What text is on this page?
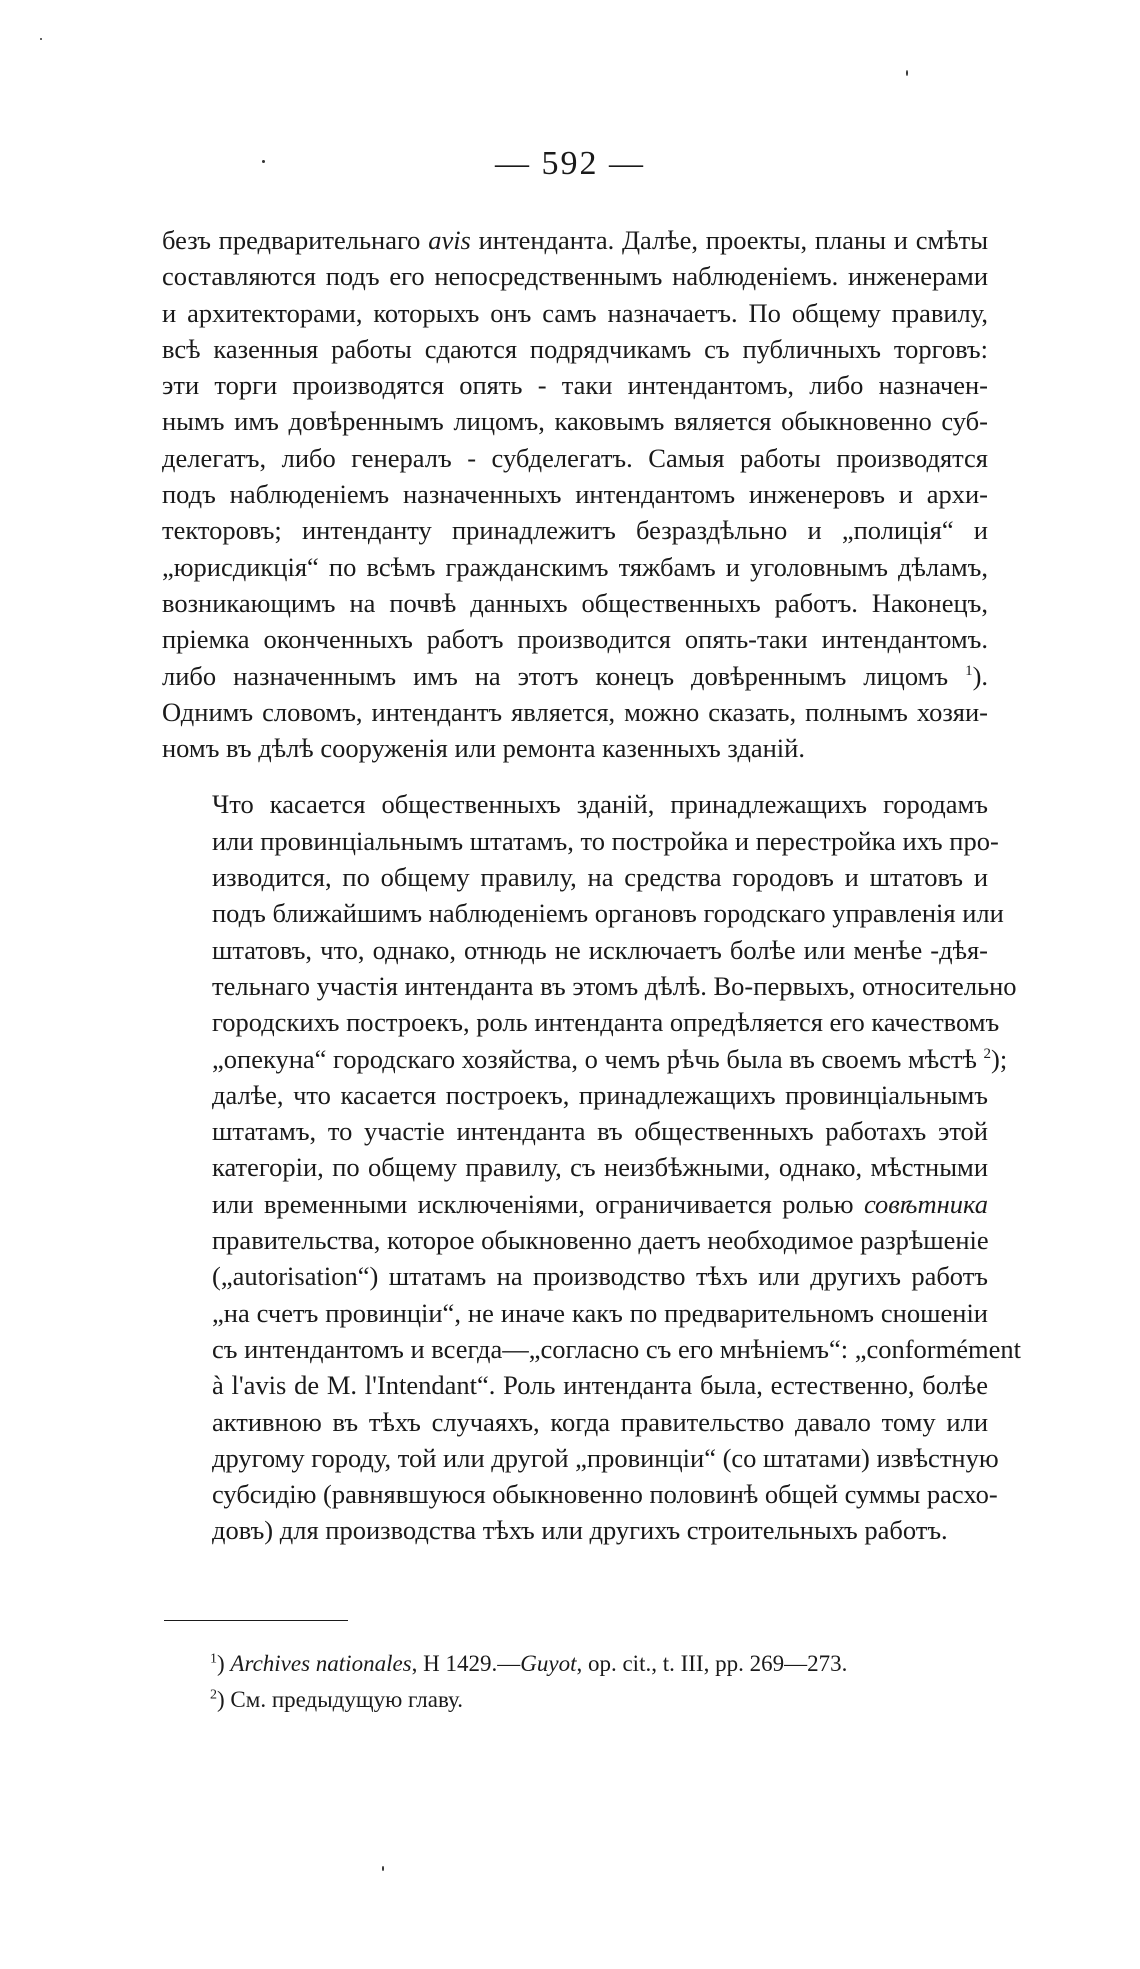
— 592 —

безъ предварительнаго avis интенданта. Далѣе, проекты, планы и смѣты
составляются подъ его непосредственнымъ наблюденіемъ. инженерами
и архитекторами, которыхъ онъ самъ назначаетъ. По общему правилу,
всѣ казенныя работы сдаются подрядчикамъ съ публичныхъ торговъ:
эти торги производятся опять - таки интендантомъ, либо назначен-
нымъ имъ довѣреннымъ лицомъ, каковымъ вяляется обыкновенно суб-
делегатъ, либо генералъ - субделегатъ. Самыя работы производятся
подъ наблюденіемъ назначенныхъ интендантомъ инженеровъ и архи-
текторовъ; интенданту принадлежитъ безраздѣльно и „полиція“ и
„юрисдикція“ по всѣмъ гражданскимъ тяжбамъ и уголовнымъ дѣламъ,
возникающимъ на почвѣ данныхъ общественныхъ работъ. Наконецъ,
пріемка оконченныхъ работъ производится опять-таки интендантомъ.
либо назначеннымъ имъ на этотъ конецъ довѣреннымъ лицомъ $^1$).
Однимъ словомъ, интендантъ является, можно сказать, полнымъ хозяи-
номъ въ дѣлѣ сооруженія или ремонта казенныхъ зданій.

Что касается общественныхъ зданій, принадлежащихъ городамъ
или провинціальнымъ штатамъ, то постройка и перестройка ихъ про-
изводится, по общему правилу, на средства городовъ и штатовъ и
подъ ближайшимъ наблюденіемъ органовъ городскаго управленія или
штатовъ, что, однако, отнюдь не исключаетъ болѣе или менѣе -дѣя-
тельнаго участія интенданта въ этомъ дѣлѣ. Во-первыхъ, относительно
городскихъ построекъ, роль интенданта опредѣляется его качествомъ
„опекуна“ городскаго хозяйства, о чемъ рѣчь была въ своемъ мѣстѣ $^2$);
далѣе, что касается построекъ, принадлежащихъ провинціальнымъ
штатамъ, то участіе интенданта въ общественныхъ работахъ этой
категоріи, по общему правилу, съ неизбѣжными, однако, мѣстными
или временными исключеніями, ограничивается ролью совѣтника
правительства, которое обыкновенно даетъ необходимое разрѣшеніе
(„autorisation“) штатамъ на производство тѣхъ или другихъ работъ
„на счетъ провинціи“, не иначе какъ по предварительномъ сношеніи
съ интендантомъ и всегда—„согласно съ его мнѣніемъ“: „conformément
à l'avis de M. l'Intendant“. Роль интенданта была, естественно, болѣе
активною въ тѣхъ случаяхъ, когда правительство давало тому или
другому городу, той или другой „провинціи“ (со штатами) извѣстную
субсидію (равнявшуюся обыкновенно половинѣ общей суммы расхо-
довъ) для производства тѣхъ или другихъ строительныхъ работъ.

$^1$) Archives nationales, H 1429.—Guyot, op. cit., t. III, pp. 269—273.
$^2$) См. предыдущую главу.
